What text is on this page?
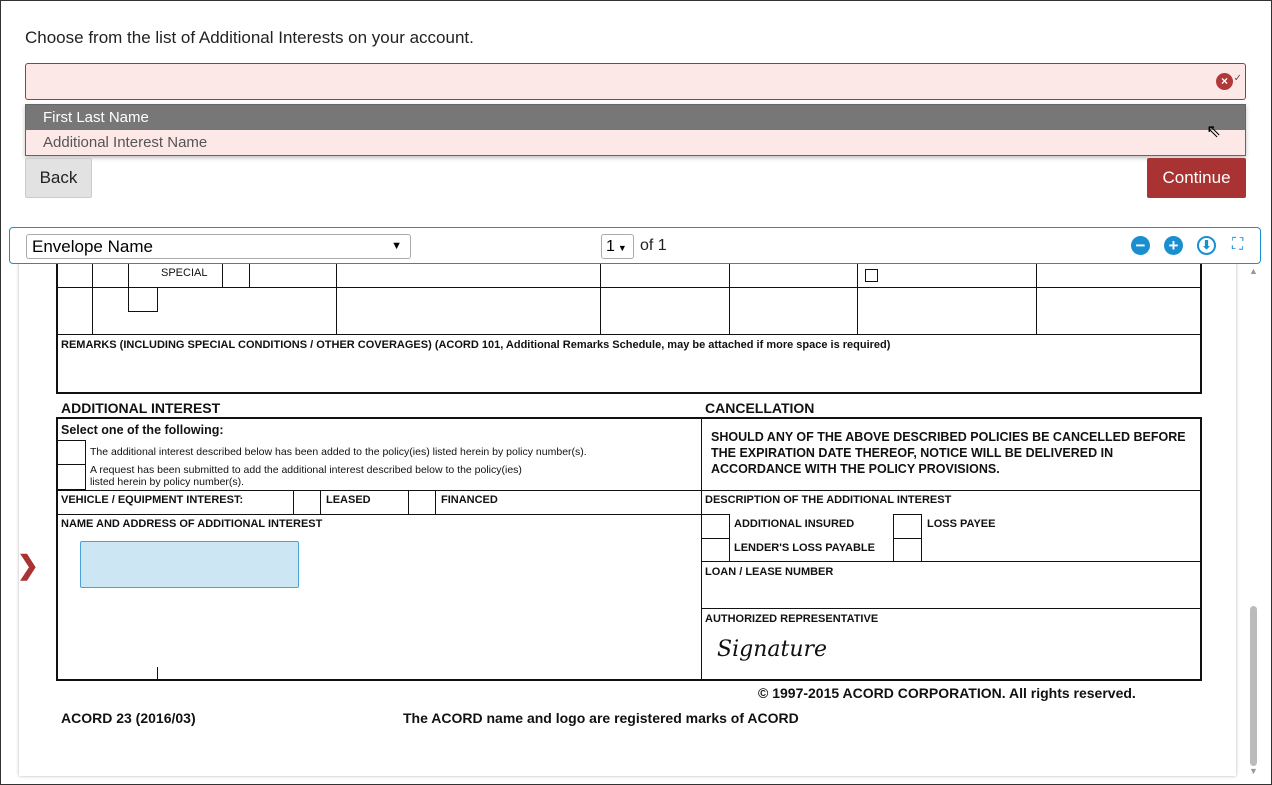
Choose from the list of Additional Interests on your account.
× ✓
First Last Name
Additional Interest Name
⇖
Back	Continue
Envelope Name	▼	1 ▼ of 1	− +	⬇ ⛶
SPECIAL
REMARKS (INCLUDING SPECIAL CONDITIONS / OTHER COVERAGES) (ACORD 101, Additional Remarks Schedule, may be attached if more space is required)
ADDITIONAL INTEREST	CANCELLATION
Select one of the following:
The additional interest described below has been added to the policy(ies) listed herein by policy number(s).
A request has been submitted to add the additional interest described below to the policy(ies)
listed herein by policy number(s).
SHOULD ANY OF THE ABOVE DESCRIBED POLICIES BE CANCELLED BEFORE THE EXPIRATION DATE THEREOF, NOTICE WILL BE DELIVERED IN ACCORDANCE WITH THE POLICY PROVISIONS.
VEHICLE / EQUIPMENT INTEREST:	LEASED	FINANCED	DESCRIPTION OF THE ADDITIONAL INTEREST
NAME AND ADDRESS OF ADDITIONAL INTEREST	ADDITIONAL INSURED	LOSS PAYEE
LENDER'S LOSS PAYABLE
LOAN / LEASE NUMBER
AUTHORIZED REPRESENTATIVE
Signature
© 1997-2015 ACORD CORPORATION. All rights reserved.
ACORD 23 (2016/03)	The ACORD name and logo are registered marks of ACORD
❯
▲
▼
